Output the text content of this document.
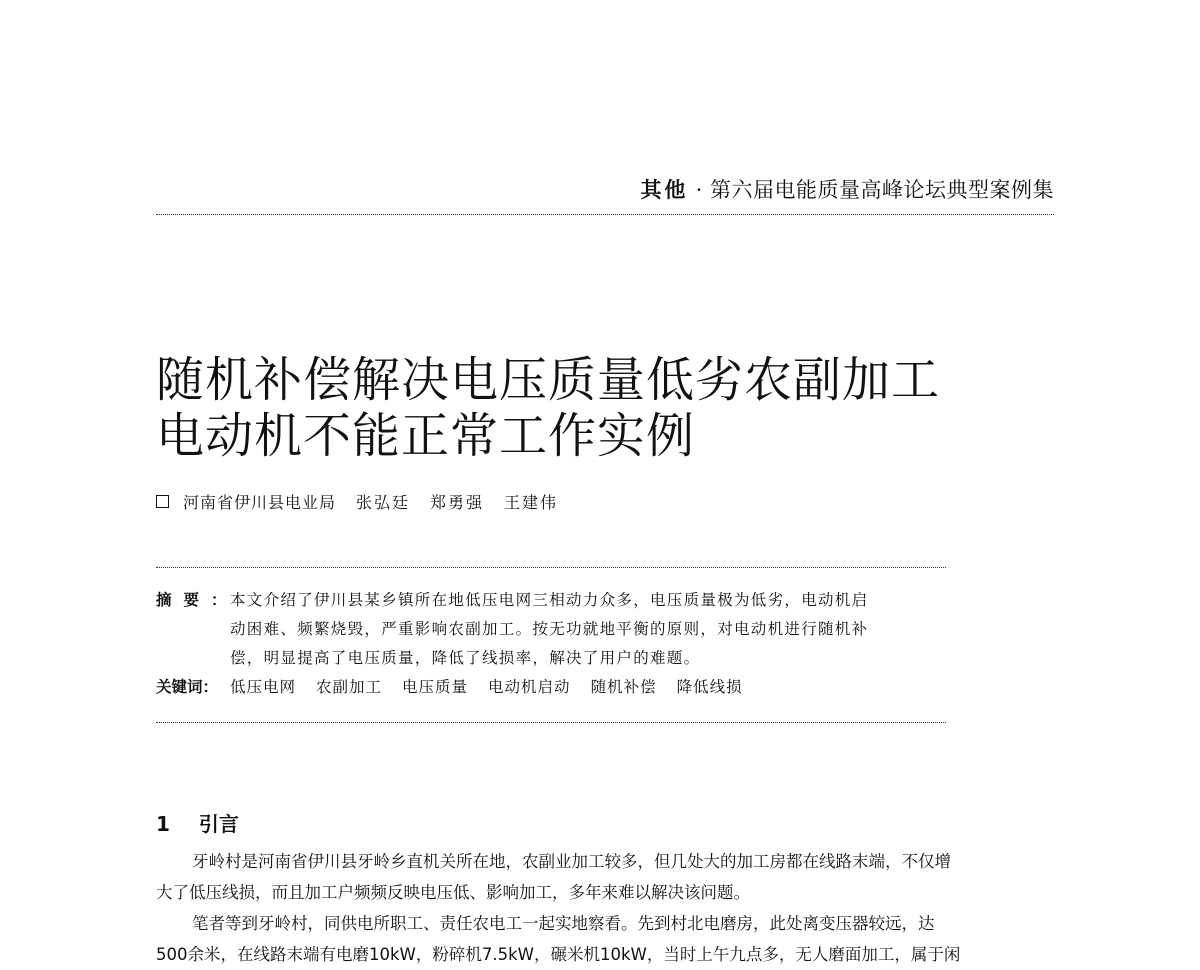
其他 · 第六届电能质量高峰论坛典型案例集
随机补偿解决电压质量低劣农副加工
电动机不能正常工作实例
河南省伊川县电业局 张弘廷 郑勇强 王建伟
摘要：
本文介绍了伊川县某乡镇所在地低压电网三相动力众多，电压质量极为低劣，电动机启
动困难、频繁烧毁，严重影响农副加工。按无功就地平衡的原则，对电动机进行随机补
偿，明显提高了电压质量，降低了线损率，解决了用户的难题。
关键词： 低压电网 农副加工 电压质量 电动机启动 随机补偿 降低线损
1 引言
牙岭村是河南省伊川县牙岭乡直机关所在地，农副业加工较多，但几处大的加工房都在线路末端，不仅增
大了低压线损，而且加工户频频反映电压低、影响加工，多年来难以解决该问题。
笔者等到牙岭村，同供电所职工、责任农电工一起实地察看。先到村北电磨房，此处离变压器较远，达
500余米，在线路末端有电磨10kW，粉碎机7.5kW，碾米机10kW，当时上午九点多，无人磨面加工，属于闲
